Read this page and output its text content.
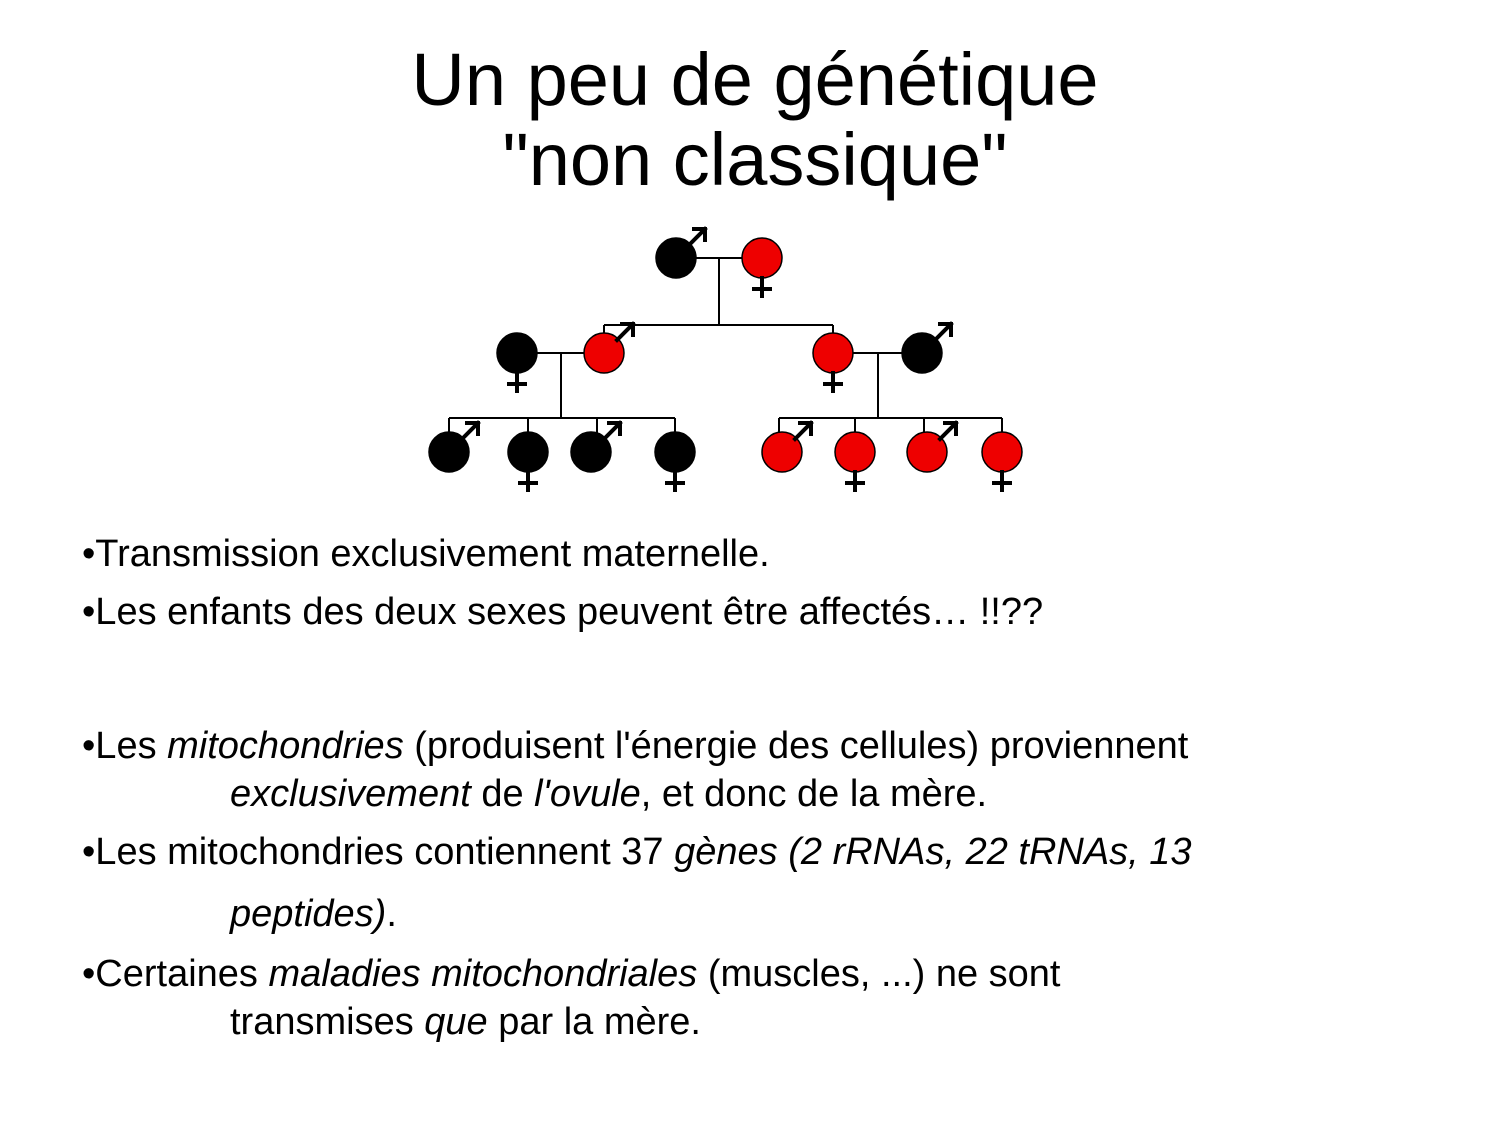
Un peu de génétique
"non classique"
•Transmission exclusivement maternelle.
•Les enfants des deux sexes peuvent être affectés… !!??
•Les mitochondries (produisent l'énergie des cellules) proviennent
exclusivement de l'ovule, et donc de la mère.
•Les mitochondries contiennent 37 gènes (2 rRNAs, 22 tRNAs, 13
peptides).
•Certaines maladies mitochondriales (muscles, ...) ne sont
transmises que par la mère.
